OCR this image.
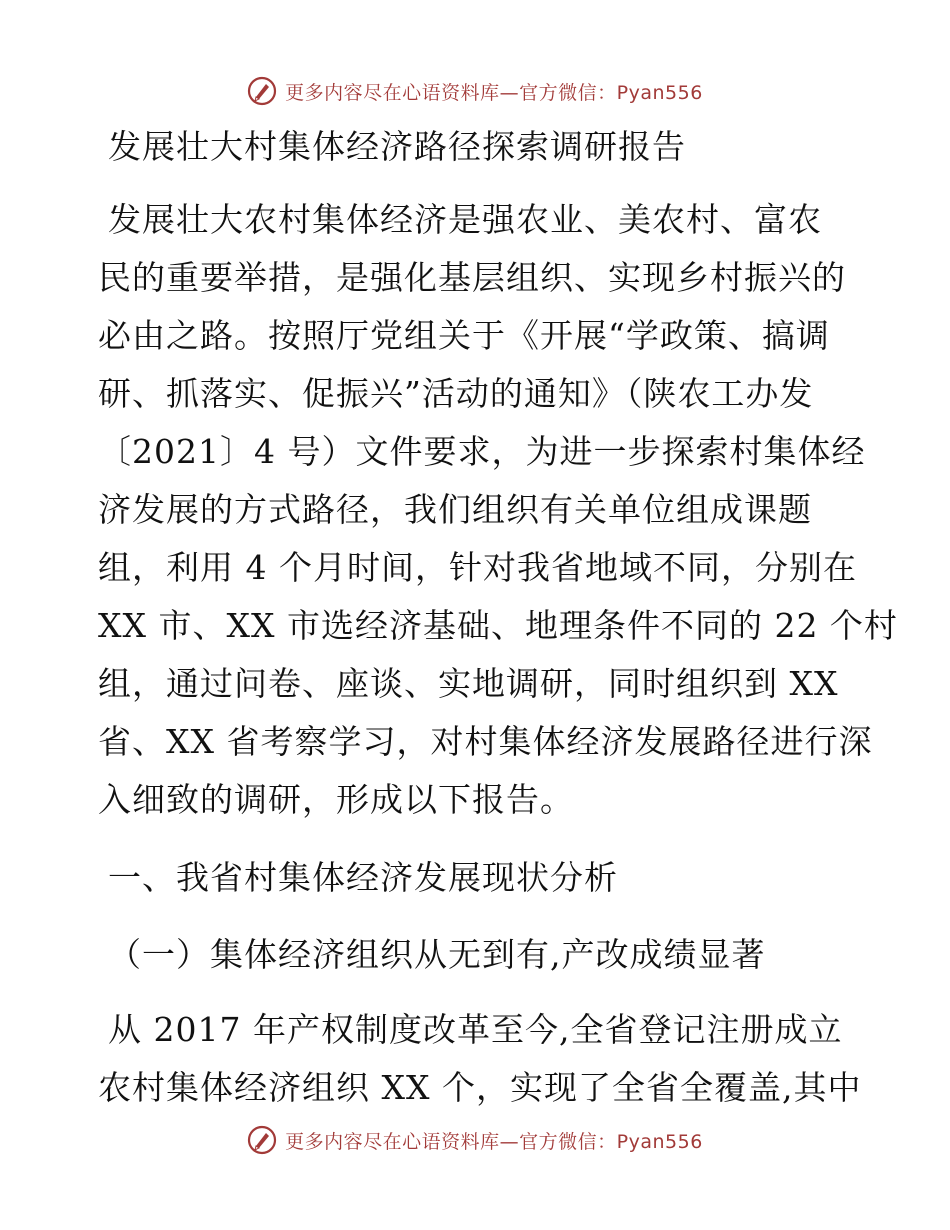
更多内容尽在心语资料库—官方微信：Pyan556
发展壮大村集体经济路径探索调研报告
发展壮大农村集体经济是强农业、美农村、富农
民的重要举措，是强化基层组织、实现乡村振兴的
必由之路。按照厅党组关于《开展“学政策、搞调
研、抓落实、促振兴”活动的通知》（陕农工办发
〔2021〕4 号）文件要求，为进一步探索村集体经
济发展的方式路径，我们组织有关单位组成课题
组，利用 4 个月时间，针对我省地域不同，分别在
XX 市、XX 市选经济基础、地理条件不同的 22 个村
组，通过问卷、座谈、实地调研，同时组织到 XX
省、XX 省考察学习，对村集体经济发展路径进行深
入细致的调研，形成以下报告。
一、我省村集体经济发展现状分析
（一）集体经济组织从无到有,产改成绩显著
从 2017 年产权制度改革至今,全省登记注册成立
农村集体经济组织 XX 个，实现了全省全覆盖,其中
更多内容尽在心语资料库—官方微信：Pyan556
